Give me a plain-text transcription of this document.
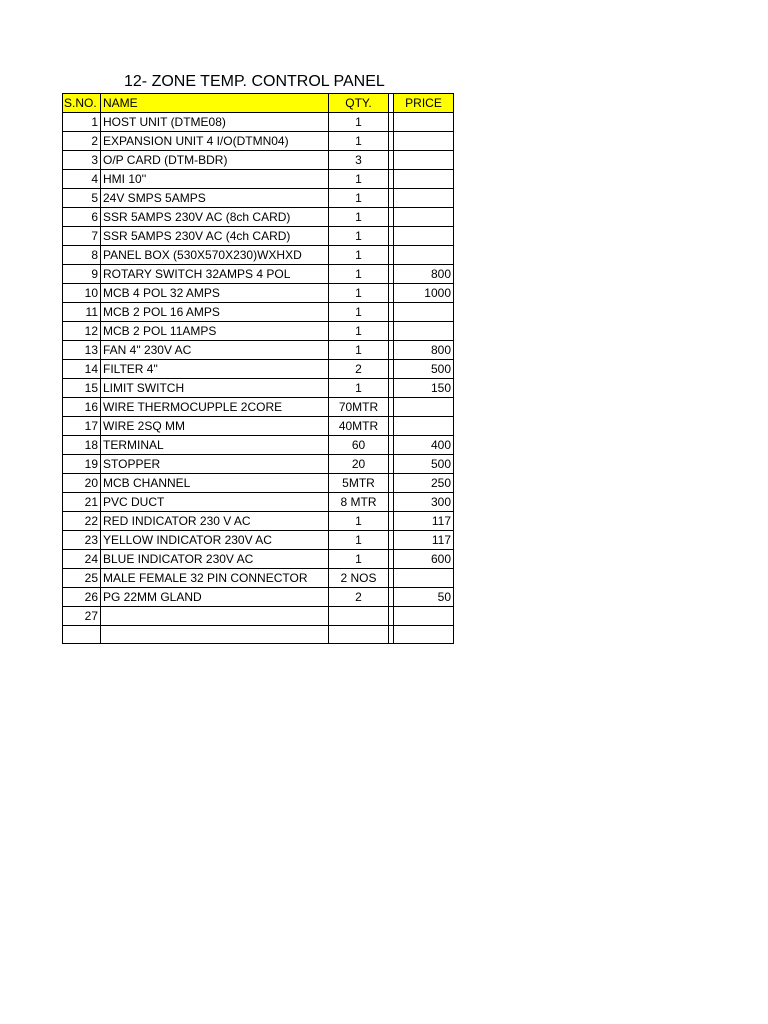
12- ZONE TEMP. CONTROL PANEL
S.NO.	NAME	QTY.		PRICE
1	HOST UNIT (DTME08)	1		
2	EXPANSION UNIT 4 I/O(DTMN04)	1		
3	O/P CARD (DTM-BDR)	3		
4	HMI 10''	1		
5	24V SMPS 5AMPS	1		
6	SSR 5AMPS 230V AC (8ch CARD)	1		
7	SSR 5AMPS 230V AC (4ch CARD)	1		
8	PANEL BOX (530X570X230)WXHXD	1		
9	ROTARY SWITCH 32AMPS 4 POL	1		800
10	MCB 4 POL 32 AMPS	1		1000
11	MCB 2 POL 16 AMPS	1		
12	MCB 2 POL 11AMPS	1		
13	FAN 4" 230V AC	1		800
14	FILTER 4"	2		500
15	LIMIT SWITCH	1		150
16	WIRE THERMOCUPPLE 2CORE	70MTR		
17	WIRE 2SQ MM	40MTR		
18	TERMINAL	60		400
19	STOPPER	20		500
20	MCB CHANNEL	5MTR		250
21	PVC DUCT	8 MTR		300
22	RED INDICATOR 230 V AC	1		117
23	YELLOW INDICATOR 230V AC	1		117
24	BLUE INDICATOR 230V AC	1		600
25	MALE FEMALE 32 PIN CONNECTOR	2 NOS		
26	PG 22MM GLAND	2		50
27				
